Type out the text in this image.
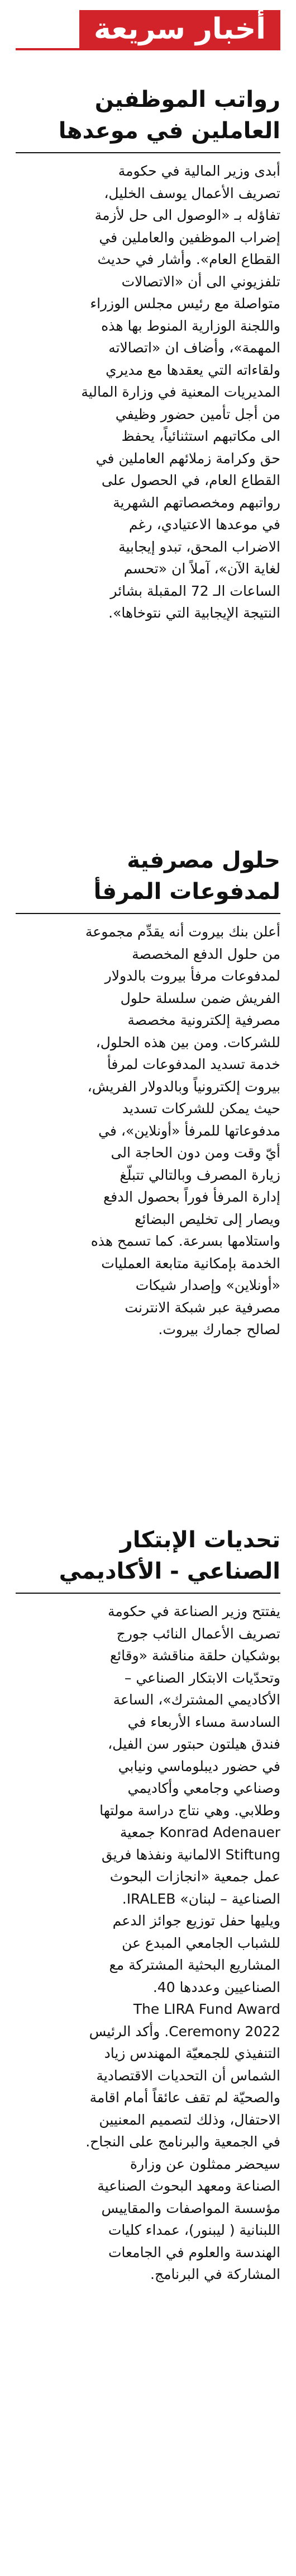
أخبار سريعة
رواتب الموظفين
العاملين في موعدها
أبدى وزير المالية في حكومة
تصريف الأعمال يوسف الخليل،
تفاؤله بـ «الوصول الى حل لأزمة
إضراب الموظفين والعاملين في
القطاع العام». وأشار في حديث
تلفزيوني الى أن «الاتصالات
متواصلة مع رئيس مجلس الوزراء
واللجنة الوزارية المنوط بها هذه
المهمة»، وأضاف ان «اتصالاته
ولقاءاته التي يعقدها مع مديري
المديريات المعنية في وزارة المالية
من أجل تأمين حضور وظيفي
الى مكاتبهم استثنائياً، يحفظ
حق وكرامة زملائهم العاملين في
القطاع العام، في الحصول على
رواتبهم ومخصصاتهم الشهرية
في موعدها الاعتيادي، رغم
الاضراب المحق، تبدو إيجابية
لغاية الآن»، آملاً ان «تحسم
الساعات الـ 72 المقبلة بشائر
النتيجة الإيجابية التي نتوخاها».
حلول مصرفية
لمدفوعات المرفأ
أعلن بنك بيروت أنه يقدِّم مجموعة
من حلول الدفع المخصصة
لمدفوعات مرفأ بيروت بالدولار
الفريش ضمن سلسلة حلول
مصرفية إلكترونية مخصصة
للشركات. ومن بين هذه الحلول،
خدمة تسديد المدفوعات لمرفأ
بيروت إلكترونياً وبالدولار الفريش،
حيث يمكن للشركات تسديد
مدفوعاتها للمرفأ «أونلاين»، في
أيّ وقت ومن دون الحاجة الى
زيارة المصرف وبالتالي تتبلّغ
إدارة المرفأ فوراً بحصول الدفع
ويصار إلى تخليص البضائع
واستلامها بسرعة. كما تسمح هذه
الخدمة بإمكانية متابعة العمليات
«أونلاين» وإصدار شيكات
مصرفية عبر شبكة الانترنت
لصالح جمارك بيروت.
تحديات الإبتكار
الصناعي - الأكاديمي
يفتتح وزير الصناعة في حكومة
تصريف الأعمال النائب جورج
بوشكيان حلقة مناقشة «وقائع
وتحدّيات الابتكار الصناعي –
الأكاديمي المشترك»، الساعة
السادسة مساء الأربعاء في
فندق هيلتون حبتور سن الفيل،
في حضور ديبلوماسي ونيابي
وصناعي وجامعي وأكاديمي
وطلابي. وهي نتاج دراسة مولتها
Konrad Adenauer جمعية
Stiftung الالمانية ونفذها فريق
عمل جمعية «انجازات البحوث
الصناعية – لبنان» IRALEB.
ويليها حفل توزيع جوائز الدعم
للشباب الجامعي المبدع عن
المشاريع البحثية المشتركة مع
الصناعيين وعددها 40.
The LIRA Fund Award
Ceremony 2022. وأكد الرئيس
التنفيذي للجمعيّة المهندس زياد
الشماس أن التحديات الاقتصادية
والصحيّة لم تقف عائقاً أمام اقامة
الاحتفال، وذلك لتصميم المعنيين
في الجمعية والبرنامج على النجاح.
سيحضر ممثلون عن وزارة
الصناعة ومعهد البحوث الصناعية
مؤسسة المواصفات والمقاييس
اللبنانية ( ليبنور)، عمداء كليات
الهندسة والعلوم في الجامعات
المشاركة في البرنامج.
